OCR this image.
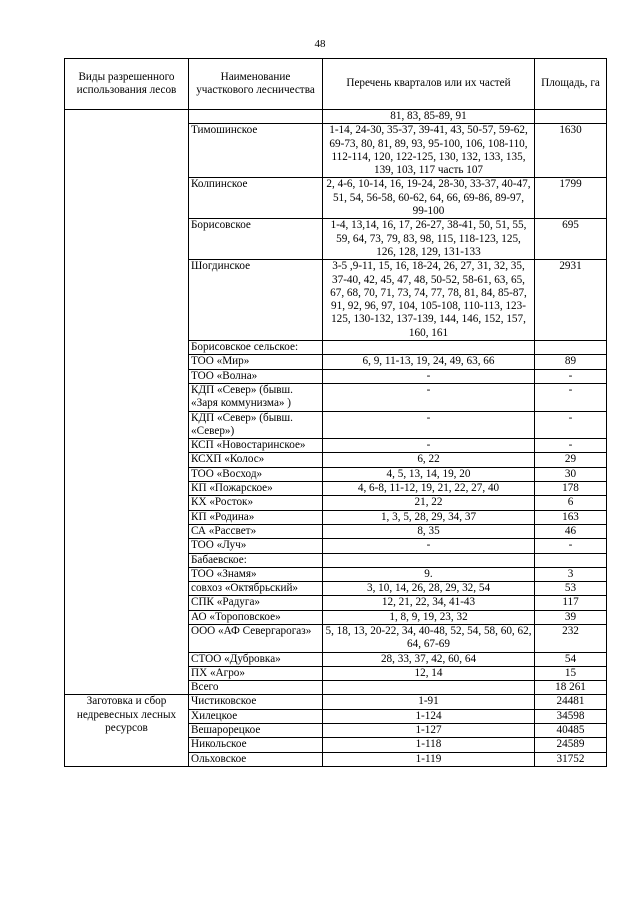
48
Виды разрешенного использования лесов	Наименование участкового лесничества	Перечень кварталов или их частей	Площадь, га
		81, 83, 85-89, 91	
	Тимошинское	1-14, 24-30, 35-37, 39-41, 43, 50-57, 59-62, 69-73, 80, 81, 89, 93, 95-100, 106, 108-110, 112-114, 120, 122-125, 130, 132, 133, 135, 139, 103, 117 часть 107	1630
	Колпинское	2, 4-6, 10-14, 16, 19-24, 28-30, 33-37, 40-47, 51, 54, 56-58, 60-62, 64, 66, 69-86, 89-97, 99-100	1799
	Борисовское	1-4, 13,14, 16, 17, 26-27, 38-41, 50, 51, 55, 59, 64, 73, 79, 83, 98, 115, 118-123, 125, 126, 128, 129, 131-133	695
	Шогдинское	3-5 ,9-11, 15, 16, 18-24, 26, 27, 31, 32, 35, 37-40, 42, 45, 47, 48, 50-52, 58-61, 63, 65, 67, 68, 70, 71, 73, 74, 77, 78, 81, 84, 85-87, 91, 92, 96, 97, 104, 105-108, 110-113, 123-125, 130-132, 137-139, 144, 146, 152, 157, 160, 161	2931
	Борисовское сельское:		
	ТОО «Мир»	6, 9, 11-13, 19, 24, 49, 63, 66	89
	ТОО «Волна»	-	-
	КДП «Север» (бывш. «Заря коммунизма» )	-	-
	КДП «Север» (бывш. «Север»)	-	-
	КСП «Новостаринское»	-	-
	КСХП «Колос»	6, 22	29
	ТОО «Восход»	4, 5, 13, 14, 19, 20	30
	КП «Пожарское»	4, 6-8, 11-12, 19, 21, 22, 27, 40	178
	КХ «Росток»	21, 22	6
	КП «Родина»	1, 3, 5, 28, 29, 34, 37	163
	СА «Рассвет»	8, 35	46
	ТОО «Луч»	-	-
	Бабаевское:		
	ТОО «Знамя»	9.	3
	совхоз «Октябрьский»	3, 10, 14, 26, 28, 29, 32, 54	53
	СПК «Радуга»	12, 21, 22, 34, 41-43	117
	АО «Тороповское»	1, 8, 9, 19, 23, 32	39
	ООО «АФ Севергарогаз»	5, 18, 13, 20-22, 34, 40-48, 52, 54, 58, 60, 62, 64, 67-69	232
	СТОО «Дубровка»	28, 33, 37, 42, 60, 64	54
	ПХ «Агро»	12, 14	15
	Всего		18 261
Заготовка и сбор недревесных лесных ресурсов	Чистиковское	1-91	24481
	Хилецкое	1-124	34598
	Вешарорецкое	1-127	40485
	Никольское	1-118	24589
	Ольховское	1-119	31752
